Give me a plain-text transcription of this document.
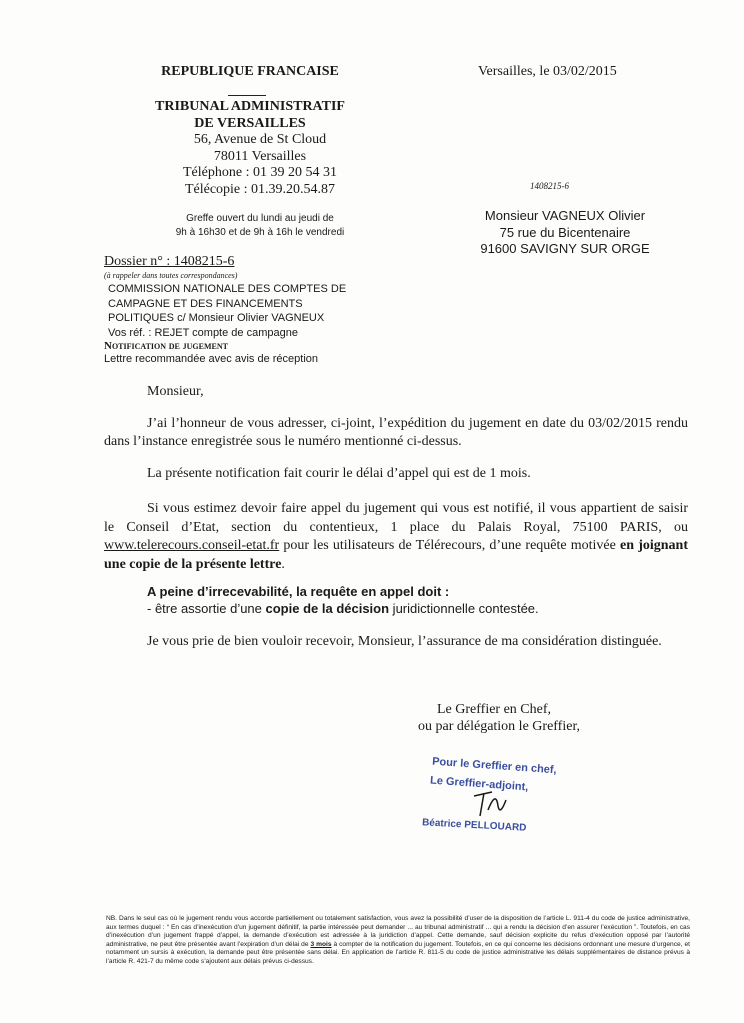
REPUBLIQUE FRANCAISE
TRIBUNAL ADMINISTRATIF
DE VERSAILLES
56, Avenue de St Cloud
78011 Versailles
Téléphone : 01 39 20 54 31
Télécopie : 01.39.20.54.87
Greffe ouvert du lundi au jeudi de
9h à 16h30 et de 9h à 16h le vendredi
Versailles, le 03/02/2015
1408215-6
Monsieur VAGNEUX Olivier
75 rue du Bicentenaire
91600 SAVIGNY SUR ORGE
Dossier n° : 1408215-6
(à rappeler dans toutes correspondances)
COMMISSION NATIONALE DES COMPTES DE
CAMPAGNE ET DES FINANCEMENTS
POLITIQUES c/ Monsieur Olivier VAGNEUX
Vos réf. : REJET compte de campagne
Notification de jugement
Lettre recommandée avec avis de réception
Monsieur,
J’ai l’honneur de vous adresser, ci-joint, l’expédition du jugement en date du 03/02/2015 rendu dans l’instance enregistrée sous le numéro mentionné ci-dessus.
La présente notification fait courir le délai d’appel qui est de 1 mois.
Si vous estimez devoir faire appel du jugement qui vous est notifié, il vous appartient de saisir le Conseil d’Etat, section du contentieux, 1 place du Palais Royal, 75100 PARIS, ou www.telerecours.conseil-etat.fr pour les utilisateurs de Télérecours, d’une requête motivée en joignant une copie de la présente lettre.
A peine d’irrecevabilité, la requête en appel doit :
- être assortie d’une copie de la décision juridictionnelle contestée.
Je vous prie de bien vouloir recevoir, Monsieur, l’assurance de ma considération distinguée.
Le Greffier en Chef,
ou par délégation le Greffier,
Pour le Greffier en chef,
Le Greffier-adjoint,
Béatrice PELLOUARD
NB. Dans le seul cas où le jugement rendu vous accorde partiellement ou totalement satisfaction, vous avez la possibilité d’user de la disposition de l’article L. 911-4 du code de justice administrative, aux termes duquel : “ En cas d’inexécution d’un jugement définitif, la partie intéressée peut demander ... au tribunal administratif ... qui a rendu la décision d’en assurer l’exécution ”. Toutefois, en cas d’inexécution d’un jugement frappé d’appel, la demande d’exécution est adressée à la juridiction d’appel. Cette demande, sauf décision explicite du refus d’exécution opposé par l’autorité administrative, ne peut être présentée avant l’expiration d’un délai de 3 mois à compter de la notification du jugement. Toutefois, en ce qui concerne les décisions ordonnant une mesure d’urgence, et notamment un sursis à exécution, la demande peut être présentée sans délai. En application de l’article R. 811-5 du code de justice administrative les délais supplémentaires de distance prévus à l’article R. 421-7 du même code s’ajoutent aux délais prévus ci-dessus.
